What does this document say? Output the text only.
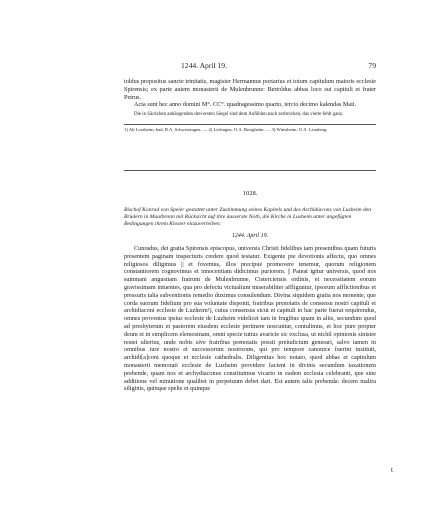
1244. April 19.	79

toldus prepositus sancte trinitatis, magister Hermannus portarius et totum capitulum maioris ecclesie Spirensis; ex parte autem monasterii de Mulenbrunne: Bertoldus abbas loco sui capituli et frater Petrus.

Acta sunt hec anno domini M°. CC°. quadragessimo quarto, tercio decimo kalendas Maii.

Die in Säckchen anhängenden drei ersten Siegel sind dem Aufühlen nach zerbrochen, das vierte fehlt ganz.

1) Alt Lossheim, bad. B.A. Schwetzingen. — 2) Lörlingen, O.A. Besigheim. — 3) Wimsheim, O.A. Leonberg.

1028.

Bischof Konrad von Speier gestattet unter Zustimmung seines Kapitels und des Archidiacons von Lusheim den Brüdern in Maulbronn mit Rücksicht auf ihre äusserste Noth, die Kirche in Lusheim unter angefügten Bedingungen ihrem Kloster einzuverleiben.

1244. April 19.

Cunradus, dei gratia Spirensis episcopus, universis Christi fidelibus tam presentibus quam futuris presentem paginam inspecturis credere quod testatur. Exigente pie devotionis affectu, quo omnes religiosos diligimus || et fovemus, illos precipue promovere tenemur, quorum religionem constantiorem cognovimus et innocentiam didicimus puriorem. || Pateat igitur universis, quod nos summam angustiam fratrum de Mulenbrunne, Cisterciensis ordinis, et necessitatem eorum gravissimam intuentes, qua pro defectu victualium miserabiliter affliguntur, ipsorum afflictionibus et pressuris talia subventionis remedio duximus consulendum. Divina siquidem gratia nos monente, que corda suorum fidelium pro sua voluntate disponit, fratribus prenotatis de consensu nostri capituli et archidiaconi ecclesie de Luzheim¹), cuius consensus sicut et capituli in hac parte fuerat requirendus, omnes proventus ipsius ecclesie de Luzheim videlicet tam in frugibus quam in aliis, secundum quod ad presbyterum et pastorem eiusdem ecclesie pertinere noscuntur, contulimus, et hoc pure propter deum et in simplicem elemosinam, omni specie tutius avaricie sic exclusa, ut nichil opinionis sinistre restet ulterius, unde nobis sive fratribus prenotatis possit preiudicium generari, salvo tamen in omnibus iure nostro et successorum nostrorum, qui pro tempore canonice fuerint instituti, archidi[a]coni quoque et ecclesie cathedralis. Diligentius hoc notato, quod abbas et capitulum monasterii memorati ecclesie de Luzheim providere facient in divinis secundum taxationem prebende, quam nos et archydiaconus constituimus vicario in eadem ecclesia celebranti, que sine additione vel minutione qualibet in perpetuum debet dari. Est autem talis prebenda: decem maltra siliginis, quinque spelte et quinque

t
